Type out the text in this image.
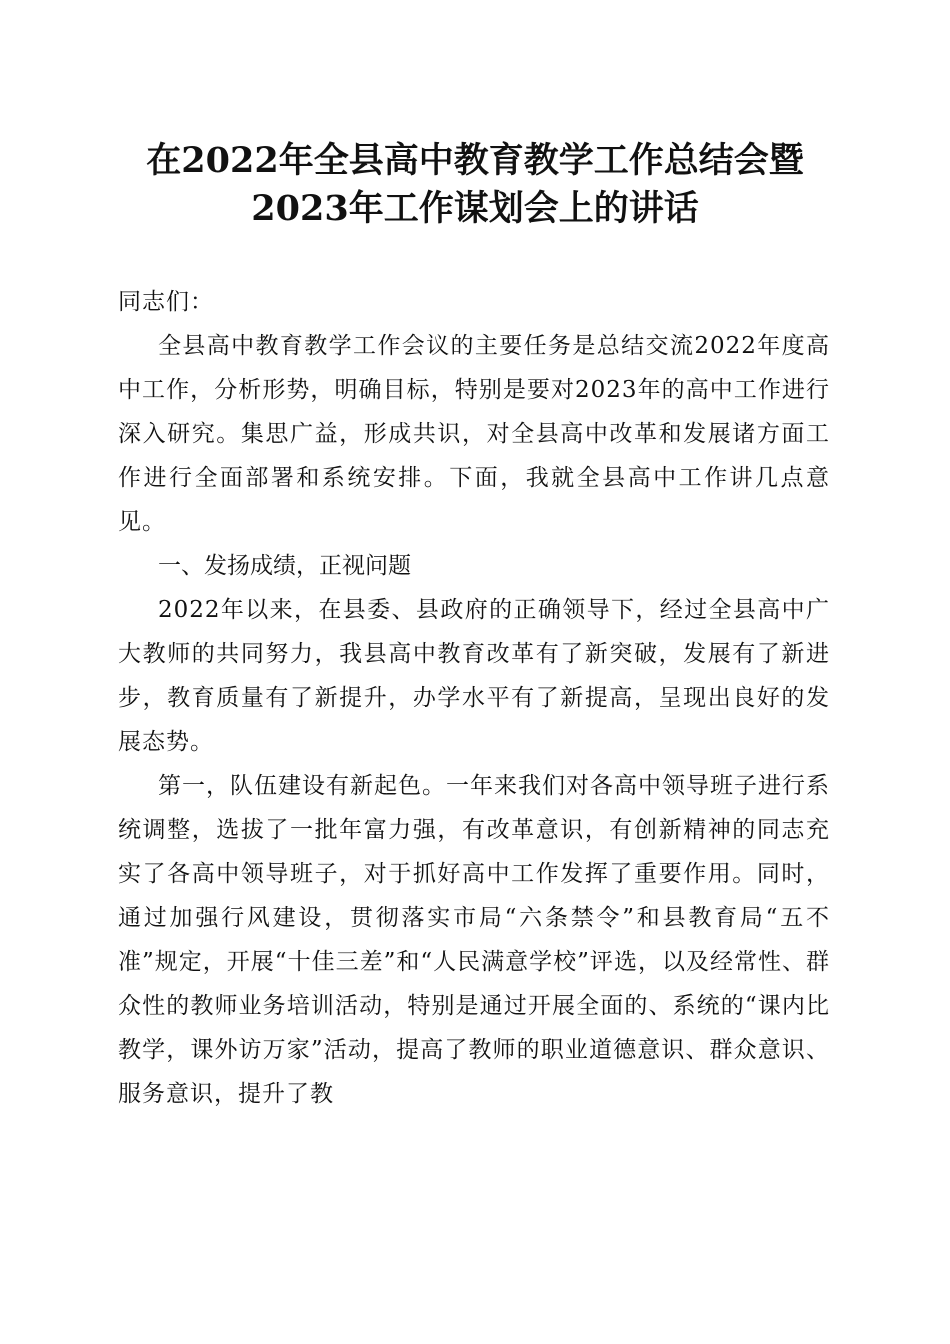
在2022年全县高中教育教学工作总结会暨
2023年工作谋划会上的讲话

同志们：

全县高中教育教学工作会议的主要任务是总结交流2022年度高中工作，分析形势，明确目标，特别是要对2023年的高中工作进行深入研究。集思广益，形成共识，对全县高中改革和发展诸方面工作进行全面部署和系统安排。下面，我就全县高中工作讲几点意见。

一、发扬成绩，正视问题

2022年以来，在县委、县政府的正确领导下，经过全县高中广大教师的共同努力，我县高中教育改革有了新突破，发展有了新进步，教育质量有了新提升，办学水平有了新提高，呈现出良好的发展态势。

第一，队伍建设有新起色。一年来我们对各高中领导班子进行系统调整，选拔了一批年富力强，有改革意识，有创新精神的同志充实了各高中领导班子，对于抓好高中工作发挥了重要作用。同时，通过加强行风建设，贯彻落实市局“六条禁令”和县教育局“五不准”规定，开展“十佳三差”和“人民满意学校”评选，以及经常性、群众性的教师业务培训活动，特别是通过开展全面的、系统的“课内比教学，课外访万家”活动，提高了教师的职业道德意识、群众意识、服务意识，提升了教
